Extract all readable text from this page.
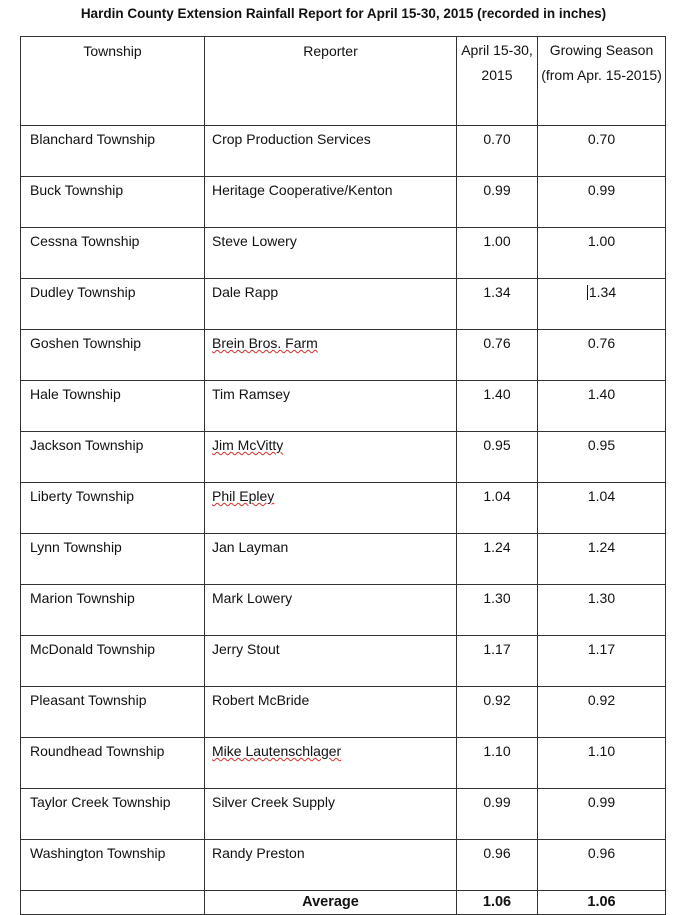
Hardin County Extension Rainfall Report for April 15-30, 2015 (recorded in inches)
Township	Reporter	April 15-30, 2015	Growing Season (from Apr. 15-2015)
Blanchard Township	Crop Production Services	0.70	0.70
Buck Township	Heritage Cooperative/Kenton	0.99	0.99
Cessna Township	Steve Lowery	1.00	1.00
Dudley Township	Dale Rapp	1.34	1.34
Goshen Township	Brein Bros. Farm	0.76	0.76
Hale Township	Tim Ramsey	1.40	1.40
Jackson Township	Jim McVitty	0.95	0.95
Liberty Township	Phil Epley	1.04	1.04
Lynn Township	Jan Layman	1.24	1.24
Marion Township	Mark Lowery	1.30	1.30
McDonald Township	Jerry Stout	1.17	1.17
Pleasant Township	Robert McBride	0.92	0.92
Roundhead Township	Mike Lautenschlager	1.10	1.10
Taylor Creek Township	Silver Creek Supply	0.99	0.99
Washington Township	Randy Preston	0.96	0.96
	Average	1.06	1.06
